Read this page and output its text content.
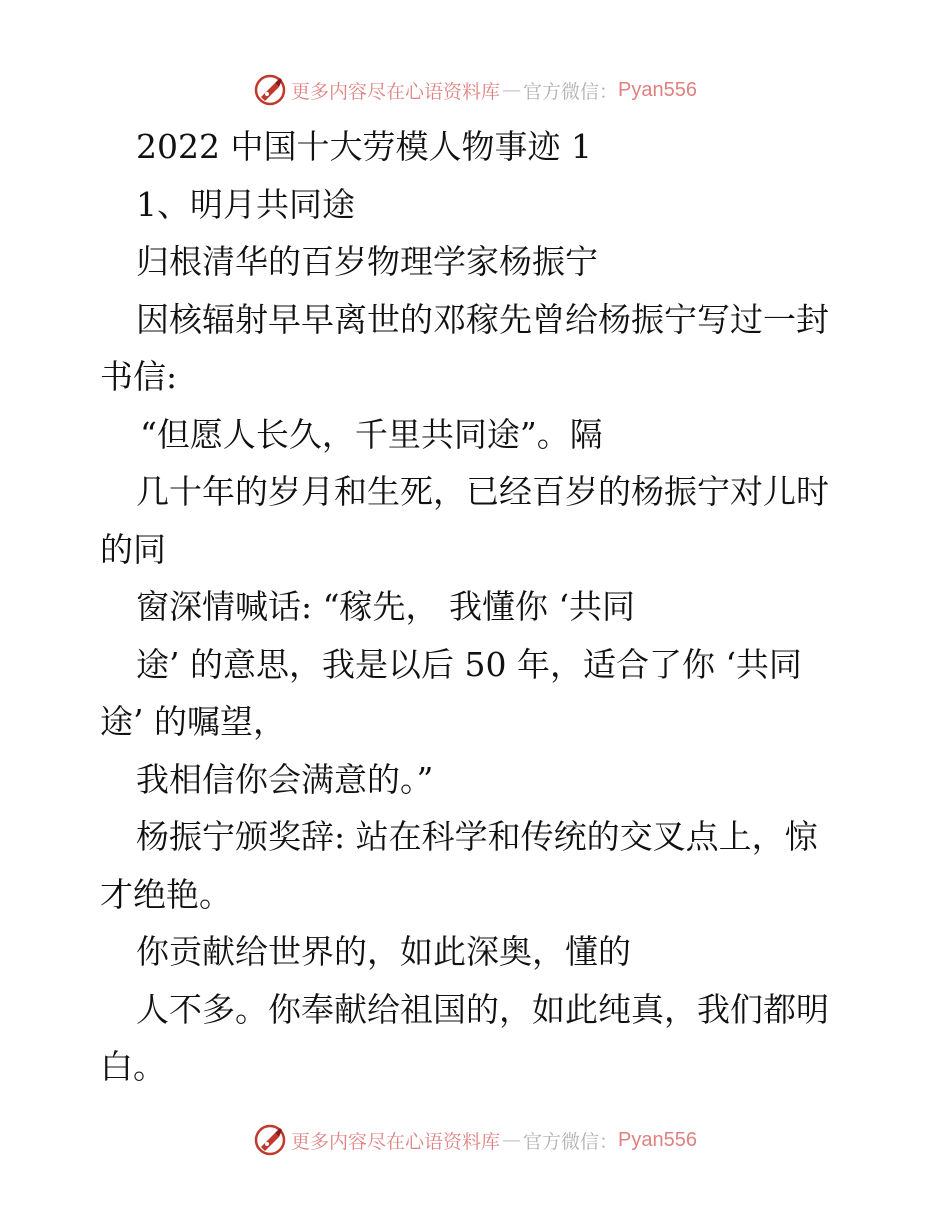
更多内容尽在心语资料库 — 官方微信： Pyan556
2022 中国十大劳模人物事迹 1
1、明月共同途
归根清华的百岁物理学家杨振宁
因核辐射早早离世的邓稼先曾给杨振宁写过一封
书信:
“但愿人长久，千里共同途”。隔
几十年的岁月和生死，已经百岁的杨振宁对儿时
的同
窗深情喊话: “稼先， 我懂你 ‘共同
途’ 的意思，我是以后 50 年，适合了你 ‘共同
途’ 的嘱望，
我相信你会满意的。”
杨振宁颁奖辞: 站在科学和传统的交叉点上，惊
才绝艳。
你贡献给世界的，如此深奥，懂的
人不多。你奉献给祖国的，如此纯真，我们都明
白。
更多内容尽在心语资料库 — 官方微信： Pyan556
